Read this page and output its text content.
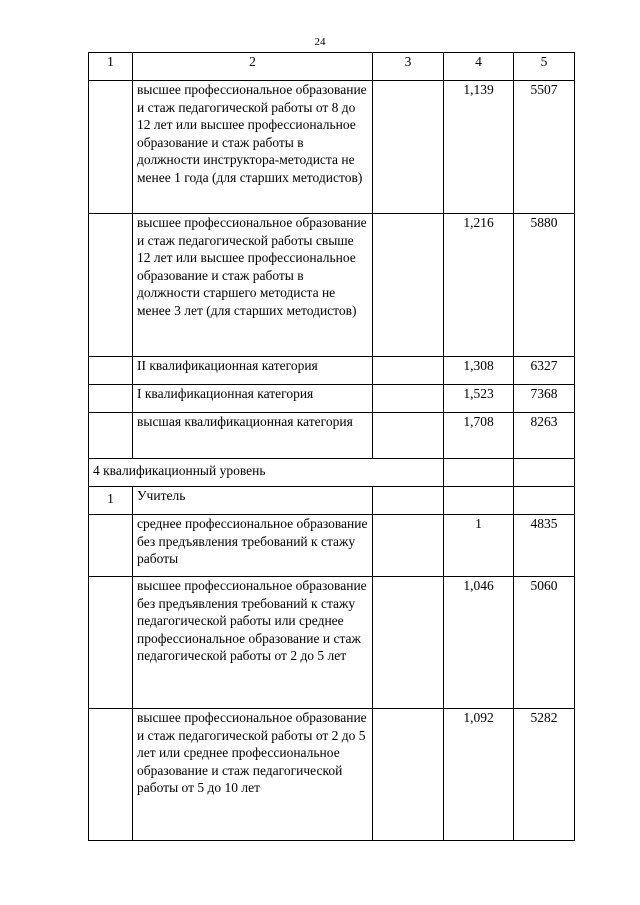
24
1	2	3	4	5
	высшее профессиональное образование и стаж педагогической работы от 8 до 12 лет или высшее профессиональное образование и стаж работы в должности инструктора-методиста не менее 1 года (для старших методистов)		1,139	5507
	высшее профессиональное образование и стаж педагогической работы свыше 12 лет или высшее профессиональное образование и стаж работы в должности старшего методиста не менее 3 лет (для старших методистов)		1,216	5880
	II квалификационная категория		1,308	6327
	I квалификационная категория		1,523	7368
	высшая квалификационная категория		1,708	8263
4 квалификационный уровень				
1	Учитель			
	среднее профессиональное образование без предъявления требований к стажу работы		1	4835
	высшее профессиональное образование без предъявления требований к стажу педагогической работы или среднее профессиональное образование и стаж педагогической работы от 2 до 5 лет		1,046	5060
	высшее профессиональное образование и стаж педагогической работы от 2 до 5 лет или среднее профессиональное образование и стаж педагогической работы от 5 до 10 лет		1,092	5282
